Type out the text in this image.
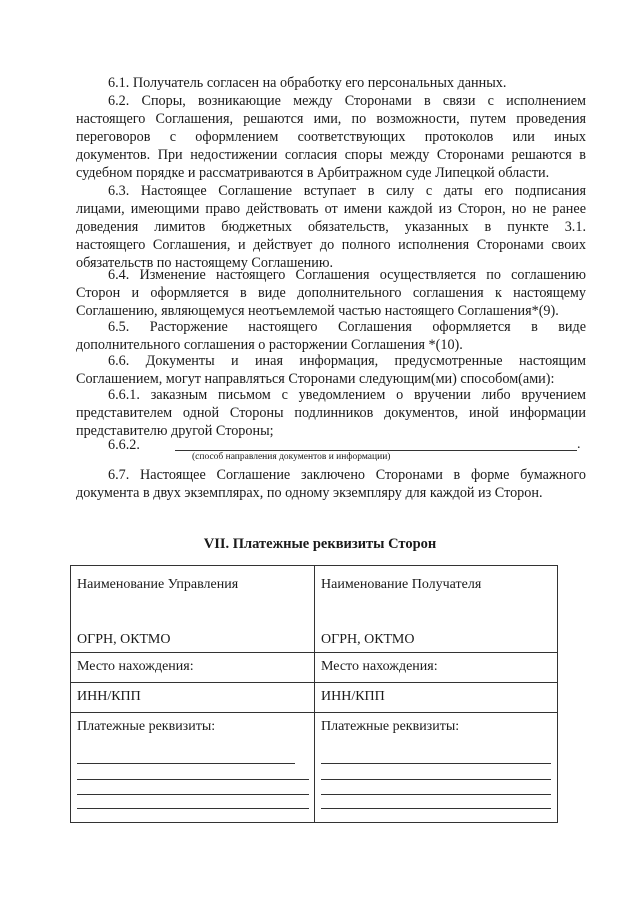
6.1. Получатель согласен на обработку его персональных данных.
6.2. Споры, возникающие между Сторонами в связи с исполнением
настоящего Соглашения, решаются ими, по возможности, путем проведения
переговоров с оформлением соответствующих протоколов или иных
документов. При недостижении согласия споры между Сторонами решаются в
судебном порядке и рассматриваются в Арбитражном суде Липецкой области.
6.3. Настоящее Соглашение вступает в силу с даты его подписания
лицами, имеющими право действовать от имени каждой из Сторон, но не ранее
доведения лимитов бюджетных обязательств, указанных в пункте 3.1.
настоящего Соглашения, и действует до полного исполнения Сторонами своих
обязательств по настоящему Соглашению.
6.4. Изменение настоящего Соглашения осуществляется по соглашению
Сторон и оформляется в виде дополнительного соглашения к настоящему
Соглашению, являющемуся неотъемлемой частью настоящего Соглашения*(9).
6.5. Расторжение настоящего Соглашения оформляется в виде
дополнительного соглашения о расторжении Соглашения *(10).
6.6. Документы и иная информация, предусмотренные настоящим
Соглашением, могут направляться Сторонами следующим(ми) способом(ами):
6.6.1. заказным письмом с уведомлением о вручении либо вручением
представителем одной Стороны подлинников документов, иной информации
представителю другой Стороны;
6.6.2.	.
(способ направления документов и информации)
6.7. Настоящее Соглашение заключено Сторонами в форме бумажного
документа в двух экземплярах, по одному экземпляру для каждой из Сторон.
VII. Платежные реквизиты Сторон
Наименование Управления	Наименование Получателя
ОГРН, ОКТМО	ОГРН, ОКТМО
Место нахождения:	Место нахождения:
ИНН/КПП	ИНН/КПП
Платежные реквизиты:	Платежные реквизиты:
